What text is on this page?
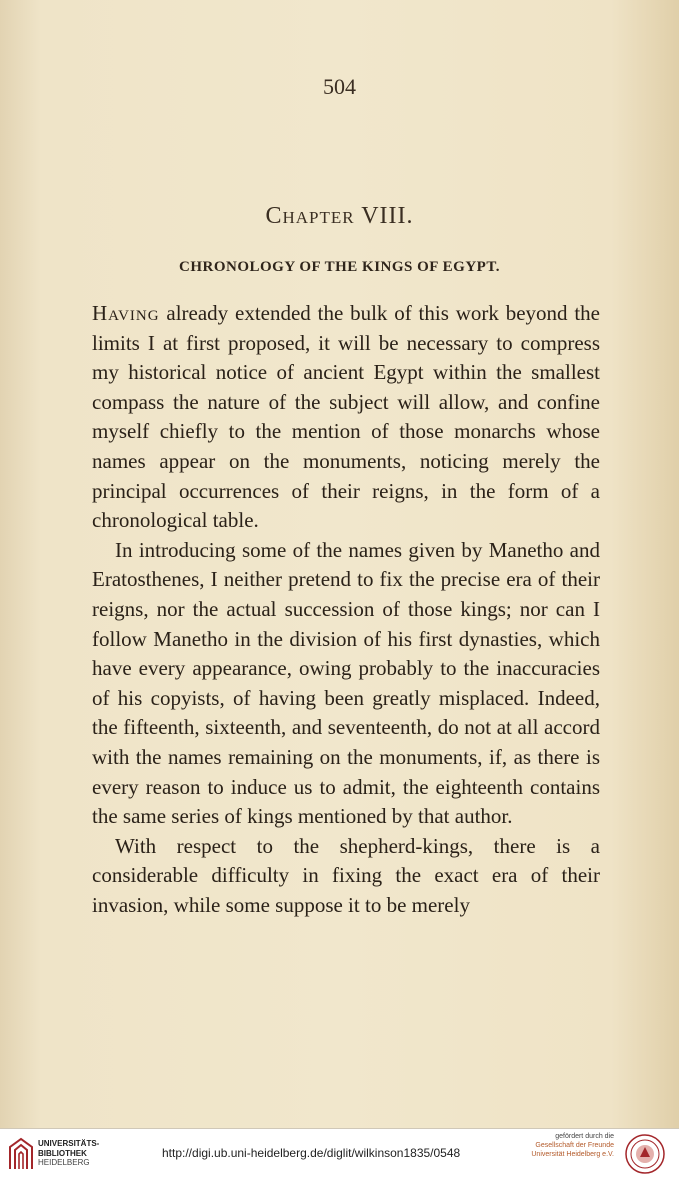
504
Chapter VIII.
CHRONOLOGY OF THE KINGS OF EGYPT.

Having already extended the bulk of this work beyond the limits I at first proposed, it will be necessary to compress my historical notice of ancient Egypt within the smallest compass the nature of the subject will allow, and confine myself chiefly to the mention of those monarchs whose names appear on the monuments, noticing merely the principal occurrences of their reigns, in the form of a chronological table.

In introducing some of the names given by Manetho and Eratosthenes, I neither pretend to fix the precise era of their reigns, nor the actual succession of those kings; nor can I follow Manetho in the division of his first dynasties, which have every appearance, owing probably to the inaccuracies of his copyists, of having been greatly misplaced. Indeed, the fifteenth, sixteenth, and seventeenth, do not at all accord with the names remaining on the monuments, if, as there is every reason to induce us to admit, the eighteenth contains the same series of kings mentioned by that author.

With respect to the shepherd-kings, there is a considerable difficulty in fixing the exact era of their invasion, while some suppose it to be merely

UNIVERSITÄTS-
BIBLIOTHEK
HEIDELBERG
http://digi.ub.uni-heidelberg.de/diglit/wilkinson1835/0548
gefördert durch die
Gesellschaft der Freunde
Universität Heidelberg e.V.
